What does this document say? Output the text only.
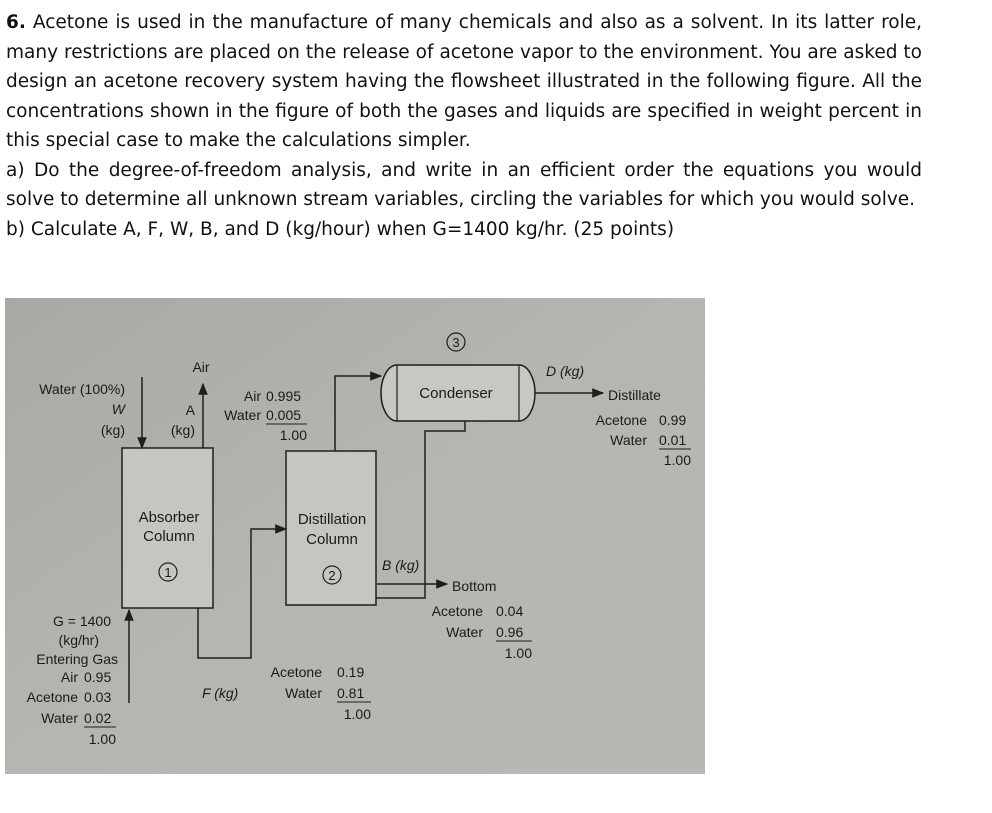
6. Acetone is used in the manufacture of many chemicals and also as a solvent. In its latter role, many restrictions are placed on the release of acetone vapor to the environment. You are asked to design an acetone recovery system having the flowsheet illustrated in the following figure. All the concentrations shown in the figure of both the gases and liquids are specified in weight percent in this special case to make the calculations simpler.

a) Do the degree-of-freedom analysis, and write in an efficient order the equations you would solve to determine all unknown stream variables, circling the variables for which you would solve.

b) Calculate A, F, W, B, and D (kg/hour) when G=1400 kg/hr. (25 points)

Absorber
Column
1
Distillation
Column
2
Condenser
3
Water (100%)
W
(kg)
Air
A
(kg)
Air 0.995
Water 0.005
1.00
D (kg)
Distillate
Acetone 0.99
Water 0.01
1.00
B (kg)
Bottom
Acetone 0.04
Water 0.96
1.00
F (kg)
Acetone 0.19
Water 0.81
1.00
G = 1400
(kg/hr)
Entering Gas
Air 0.95
Acetone 0.03
Water 0.02
1.00
